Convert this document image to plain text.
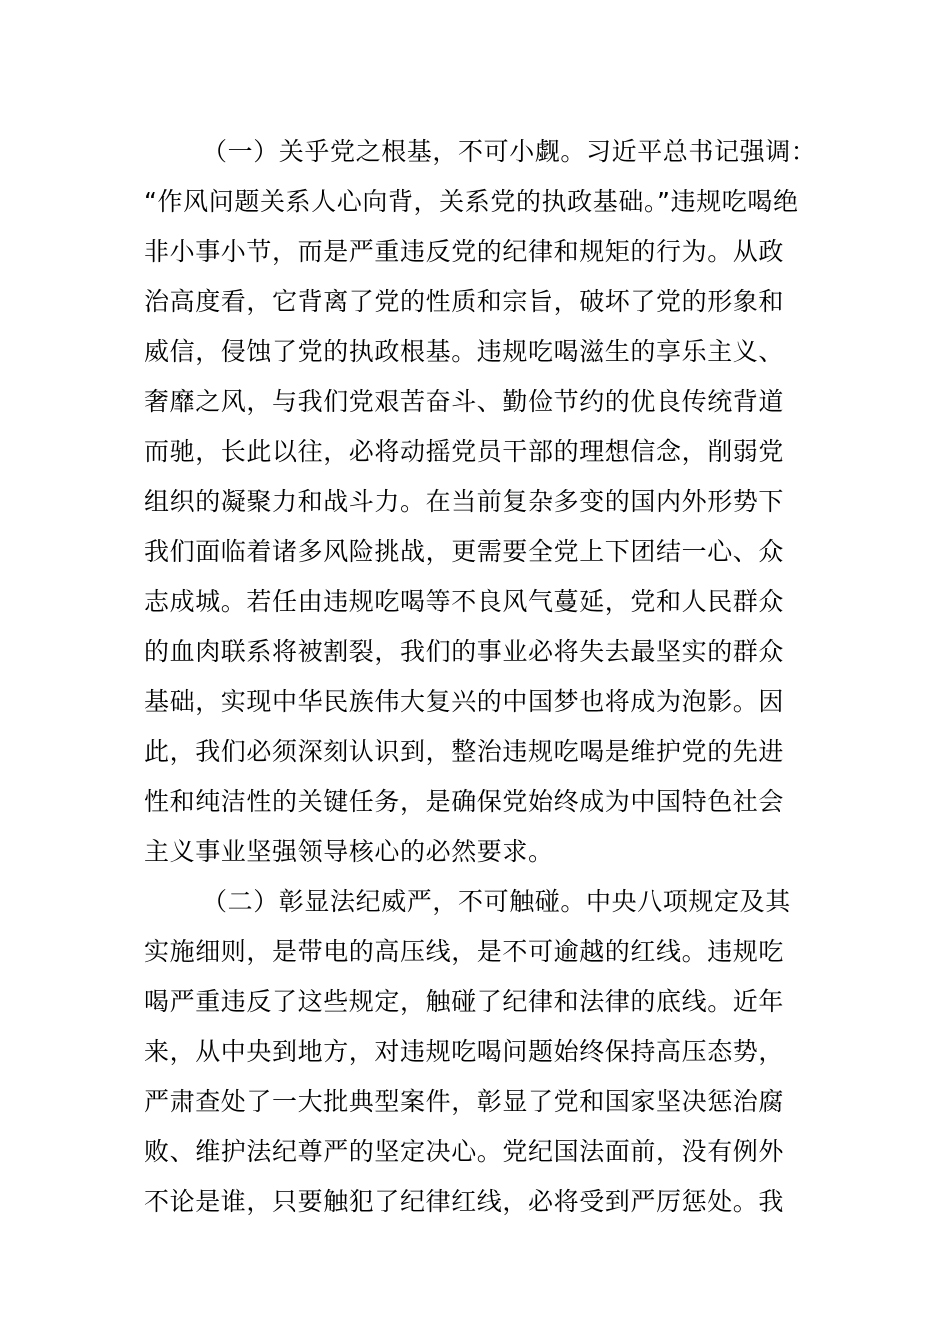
（一）关乎党之根基，不可小觑。习近平总书记强调：
“作风问题关系人心向背，关系党的执政基础。”违规吃喝绝
非小事小节，而是严重违反党的纪律和规矩的行为。从政
治高度看，它背离了党的性质和宗旨，破坏了党的形象和
威信，侵蚀了党的执政根基。违规吃喝滋生的享乐主义、
奢靡之风，与我们党艰苦奋斗、勤俭节约的优良传统背道
而驰，长此以往，必将动摇党员干部的理想信念，削弱党
组织的凝聚力和战斗力。在当前复杂多变的国内外形势下
我们面临着诸多风险挑战，更需要全党上下团结一心、众
志成城。若任由违规吃喝等不良风气蔓延，党和人民群众
的血肉联系将被割裂，我们的事业必将失去最坚实的群众
基础，实现中华民族伟大复兴的中国梦也将成为泡影。因
此，我们必须深刻认识到，整治违规吃喝是维护党的先进
性和纯洁性的关键任务，是确保党始终成为中国特色社会
主义事业坚强领导核心的必然要求。
（二）彰显法纪威严，不可触碰。中央八项规定及其
实施细则，是带电的高压线，是不可逾越的红线。违规吃
喝严重违反了这些规定，触碰了纪律和法律的底线。近年
来，从中央到地方，对违规吃喝问题始终保持高压态势，
严肃查处了一大批典型案件，彰显了党和国家坚决惩治腐
败、维护法纪尊严的坚定决心。党纪国法面前，没有例外
不论是谁，只要触犯了纪律红线，必将受到严厉惩处。我
